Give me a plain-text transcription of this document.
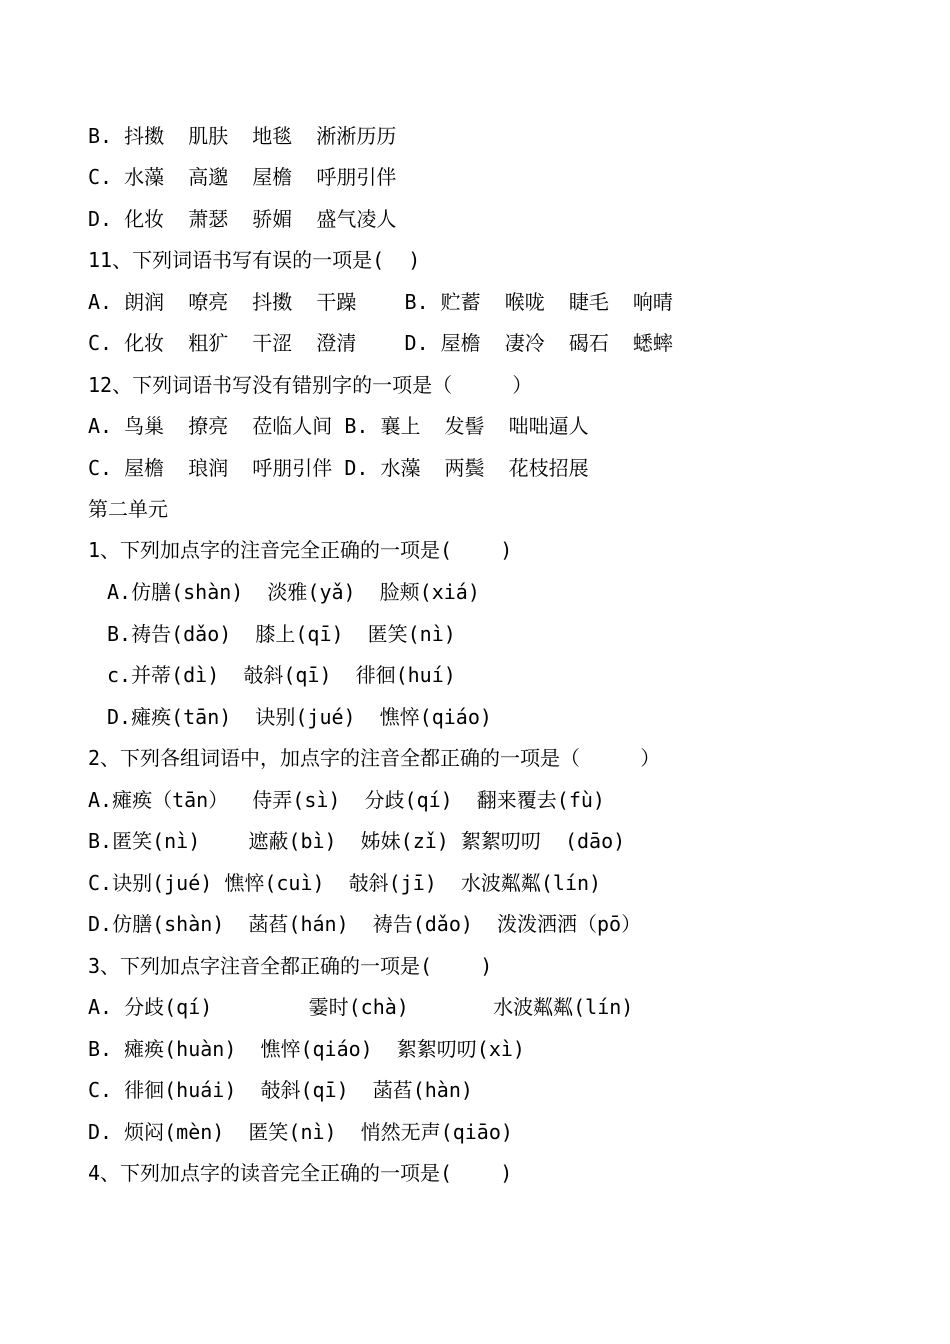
B. 抖擞  肌肤  地毯  淅淅历历
C. 水藻  高邈  屋檐  呼朋引伴
D. 化妆  萧瑟  骄媚  盛气凌人
11、下列词语书写有误的一项是(  )
A. 朗润  嘹亮  抖擞  干躁    B. 贮蓄  喉咙  睫毛  响晴
C. 化妆  粗犷  干涩  澄清    D. 屋檐  凄冷  碣石  蟋蟀
12、下列词语书写没有错别字的一项是（     ）
A. 鸟巢  撩亮  莅临人间 B. 襄上  发髻  咄咄逼人
C. 屋檐  琅润  呼朋引伴 D. 水藻  两鬓  花枝招展
第二单元
1、下列加点字的注音完全正确的一项是(    )
A.仿膳(shàn)  淡雅(yǎ)  脸颊(xiá)
B.祷告(dǎo)  膝上(qī)  匿笑(nì)
c.并蒂(dì)  攲斜(qī)  徘徊(huí)
D.瘫痪(tān)  诀别(jué)  憔悴(qiáo)
2、下列各组词语中，加点字的注音全都正确的一项是（     ）
A.瘫痪（tān）  侍弄(sì)  分歧(qí)  翻来覆去(fù)
B.匿笑(nì)    遮蔽(bì)  姊妹(zǐ) 絮絮叨叨  (dāo)
C.诀别(jué) 憔悴(cuì)  攲斜(jī)  水波粼粼(lín)
D.仿膳(shàn)  菡萏(hán)  祷告(dǎo)  泼泼洒洒（pō）
3、下列加点字注音全都正确的一项是(    )
A. 分歧(qí)        霎时(chà)       水波粼粼(lín)
B. 瘫痪(huàn)  憔悴(qiáo)  絮絮叨叨(xì)
C. 徘徊(huái)  攲斜(qī)  菡萏(hàn)
D. 烦闷(mèn)  匿笑(nì)  悄然无声(qiāo)
4、下列加点字的读音完全正确的一项是(    )
